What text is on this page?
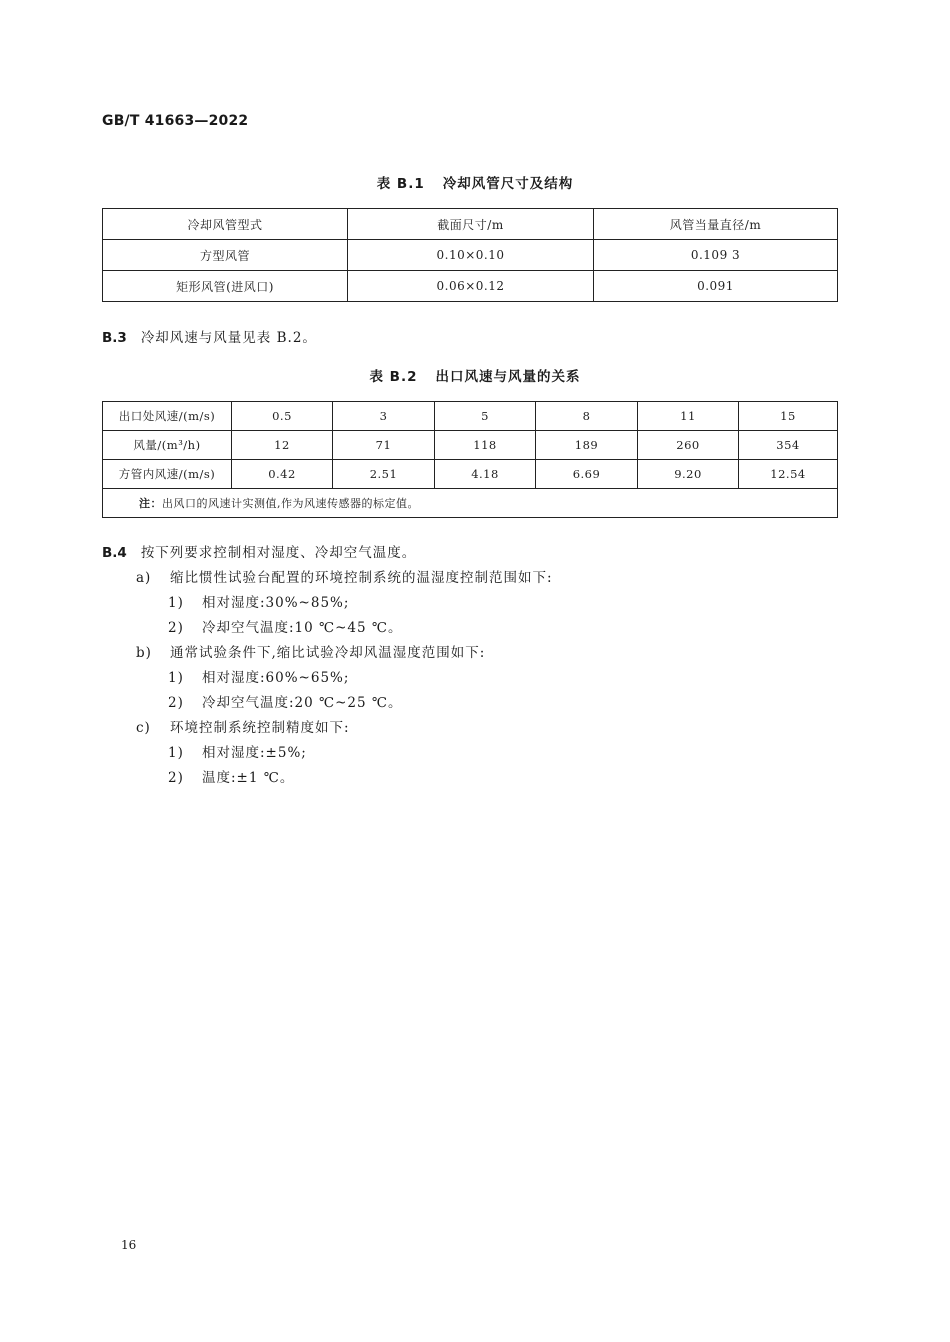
GB/T 41663—2022
表 B.1 冷却风管尺寸及结构
冷却风管型式	截面尺寸/m	风管当量直径/m
方型风管	0.10×0.10	0.109 3
矩形风管(进风口)	0.06×0.12	0.091
B.3 冷却风速与风量见表 B.2。
表 B.2 出口风速与风量的关系
出口处风速/(m/s)	0.5	3	5	8	11	15
风量/(m³/h)	12	71	118	189	260	354
方管内风速/(m/s)	0.42	2.51	4.18	6.69	9.20	12.54
注：出风口的风速计实测值,作为风速传感器的标定值。						
B.4 按下列要求控制相对湿度、冷却空气温度。
a) 缩比惯性试验台配置的环境控制系统的温湿度控制范围如下:
1) 相对湿度:30%~85%;
2) 冷却空气温度:10 ℃~45 ℃。
b) 通常试验条件下,缩比试验冷却风温湿度范围如下:
1) 相对湿度:60%~65%;
2) 冷却空气温度:20 ℃~25 ℃。
c) 环境控制系统控制精度如下:
1) 相对湿度:±5%;
2) 温度:±1 ℃。
16
